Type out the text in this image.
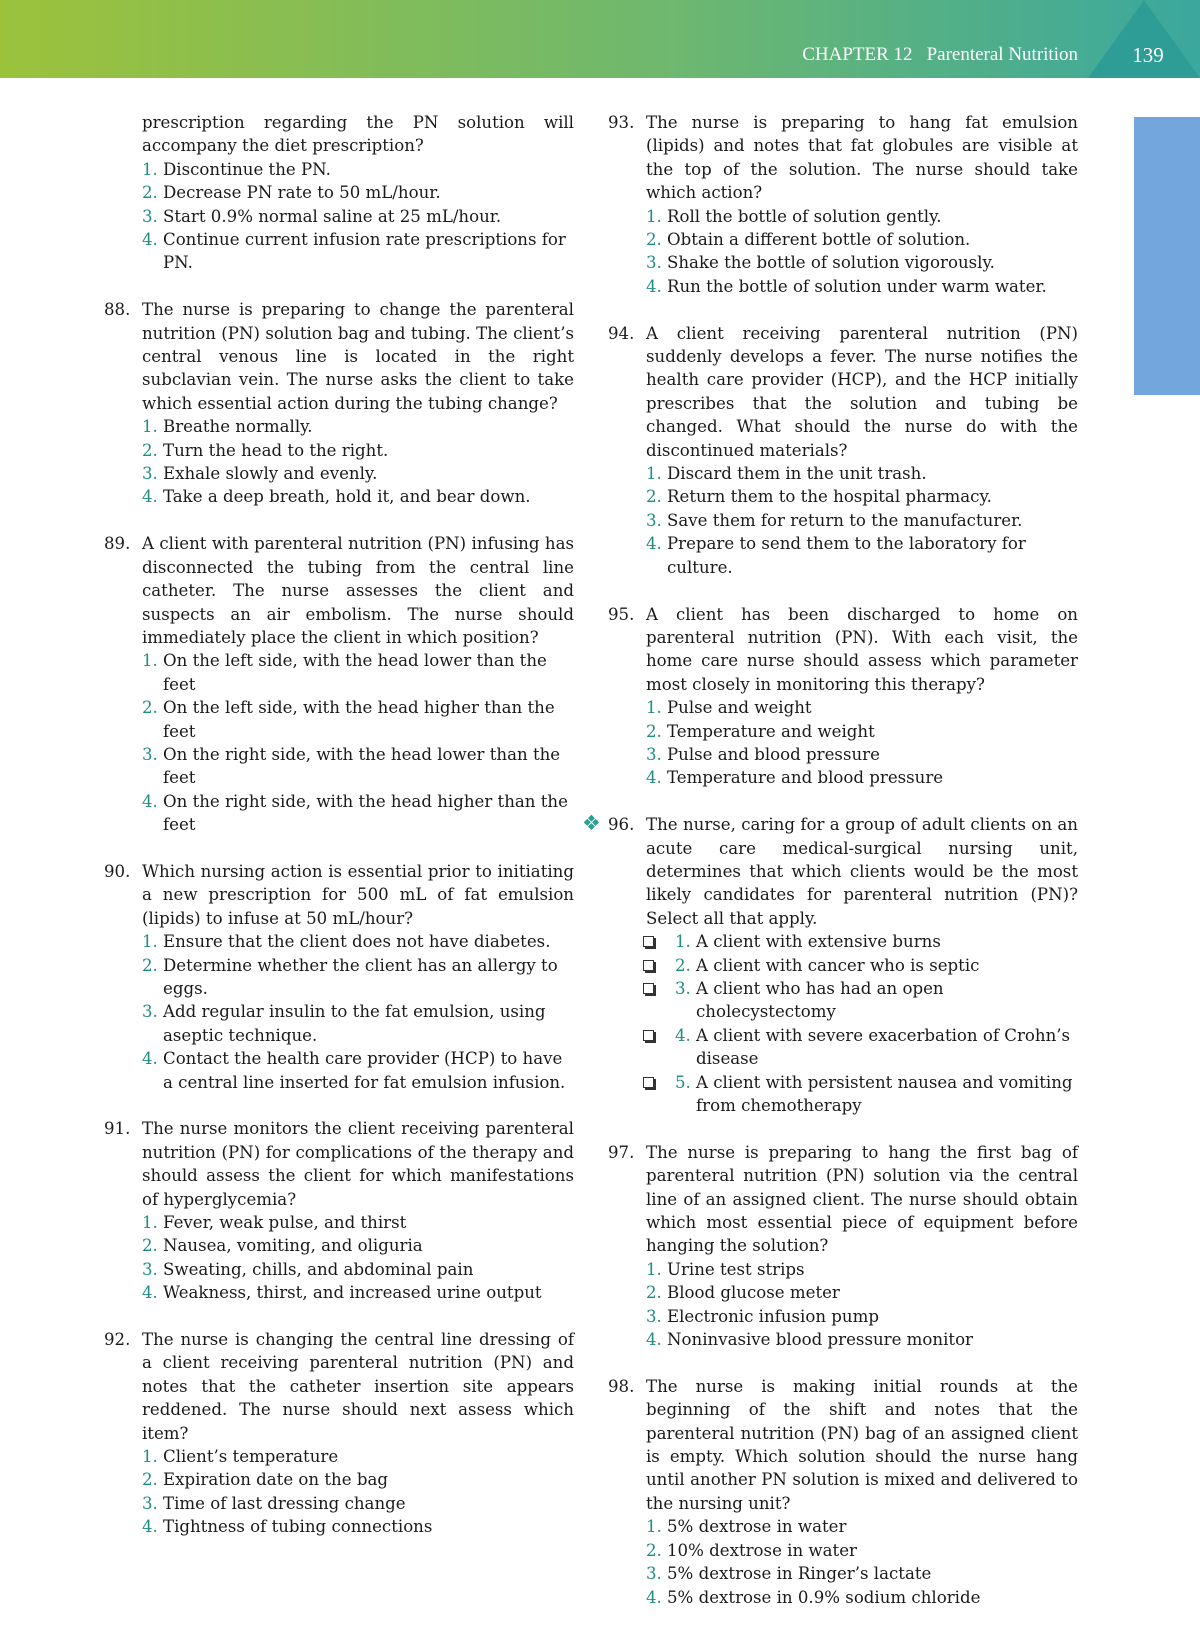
CHAPTER 12 Parenteral Nutrition	139

prescription regarding the PN solution will accompany the diet prescription?

1. Discontinue the PN.
2. Decrease PN rate to 50 mL/hour.
3. Start 0.9% normal saline at 25 mL/hour.
4. Continue current infusion rate prescriptions for PN.
88. The nurse is preparing to change the parenteral nutrition (PN) solution bag and tubing. The client’s central venous line is located in the right subclavian vein. The nurse asks the client to take which essential action during the tubing change?

1. Breathe normally.
2. Turn the head to the right.
3. Exhale slowly and evenly.
4. Take a deep breath, hold it, and bear down.
89. A client with parenteral nutrition (PN) infusing has disconnected the tubing from the central line catheter. The nurse assesses the client and suspects an air embolism. The nurse should immediately place the client in which position?

1. On the left side, with the head lower than the feet
2. On the left side, with the head higher than the feet
3. On the right side, with the head lower than the feet
4. On the right side, with the head higher than the feet
90. Which nursing action is essential prior to initiating a new prescription for 500 mL of fat emulsion (lipids) to infuse at 50 mL/hour?

1. Ensure that the client does not have diabetes.
2. Determine whether the client has an allergy to eggs.
3. Add regular insulin to the fat emulsion, using aseptic technique.
4. Contact the health care provider (HCP) to have a central line inserted for fat emulsion infusion.
91. The nurse monitors the client receiving parenteral nutrition (PN) for complications of the therapy and should assess the client for which manifestations of hyperglycemia?

1. Fever, weak pulse, and thirst
2. Nausea, vomiting, and oliguria
3. Sweating, chills, and abdominal pain
4. Weakness, thirst, and increased urine output
92. The nurse is changing the central line dressing of a client receiving parenteral nutrition (PN) and notes that the catheter insertion site appears reddened. The nurse should next assess which item?

1. Client’s temperature
2. Expiration date on the bag
3. Time of last dressing change
4. Tightness of tubing connections
93. The nurse is preparing to hang fat emulsion (lipids) and notes that fat globules are visible at the top of the solution. The nurse should take which action?

1. Roll the bottle of solution gently.
2. Obtain a different bottle of solution.
3. Shake the bottle of solution vigorously.
4. Run the bottle of solution under warm water.
94. A client receiving parenteral nutrition (PN) suddenly develops a fever. The nurse notifies the health care provider (HCP), and the HCP initially prescribes that the solution and tubing be changed. What should the nurse do with the discontinued materials?

1. Discard them in the unit trash.
2. Return them to the hospital pharmacy.
3. Save them for return to the manufacturer.
4. Prepare to send them to the laboratory for culture.
95. A client has been discharged to home on parenteral nutrition (PN). With each visit, the home care nurse should assess which parameter most closely in monitoring this therapy?

1. Pulse and weight
2. Temperature and weight
3. Pulse and blood pressure
4. Temperature and blood pressure
❖ 96. The nurse, caring for a group of adult clients on an acute care medical-surgical nursing unit, determines that which clients would be the most likely candidates for parenteral nutrition (PN)? Select all that apply.

1. A client with extensive burns
2. A client with cancer who is septic
3. A client who has had an open cholecystectomy
4. A client with severe exacerbation of Crohn’s disease
5. A client with persistent nausea and vomiting from chemotherapy
97. The nurse is preparing to hang the first bag of parenteral nutrition (PN) solution via the central line of an assigned client. The nurse should obtain which most essential piece of equipment before hanging the solution?

1. Urine test strips
2. Blood glucose meter
3. Electronic infusion pump
4. Noninvasive blood pressure monitor
98. The nurse is making initial rounds at the beginning of the shift and notes that the parenteral nutrition (PN) bag of an assigned client is empty. Which solution should the nurse hang until another PN solution is mixed and delivered to the nursing unit?

1. 5% dextrose in water
2. 10% dextrose in water
3. 5% dextrose in Ringer’s lactate
4. 5% dextrose in 0.9% sodium chloride
